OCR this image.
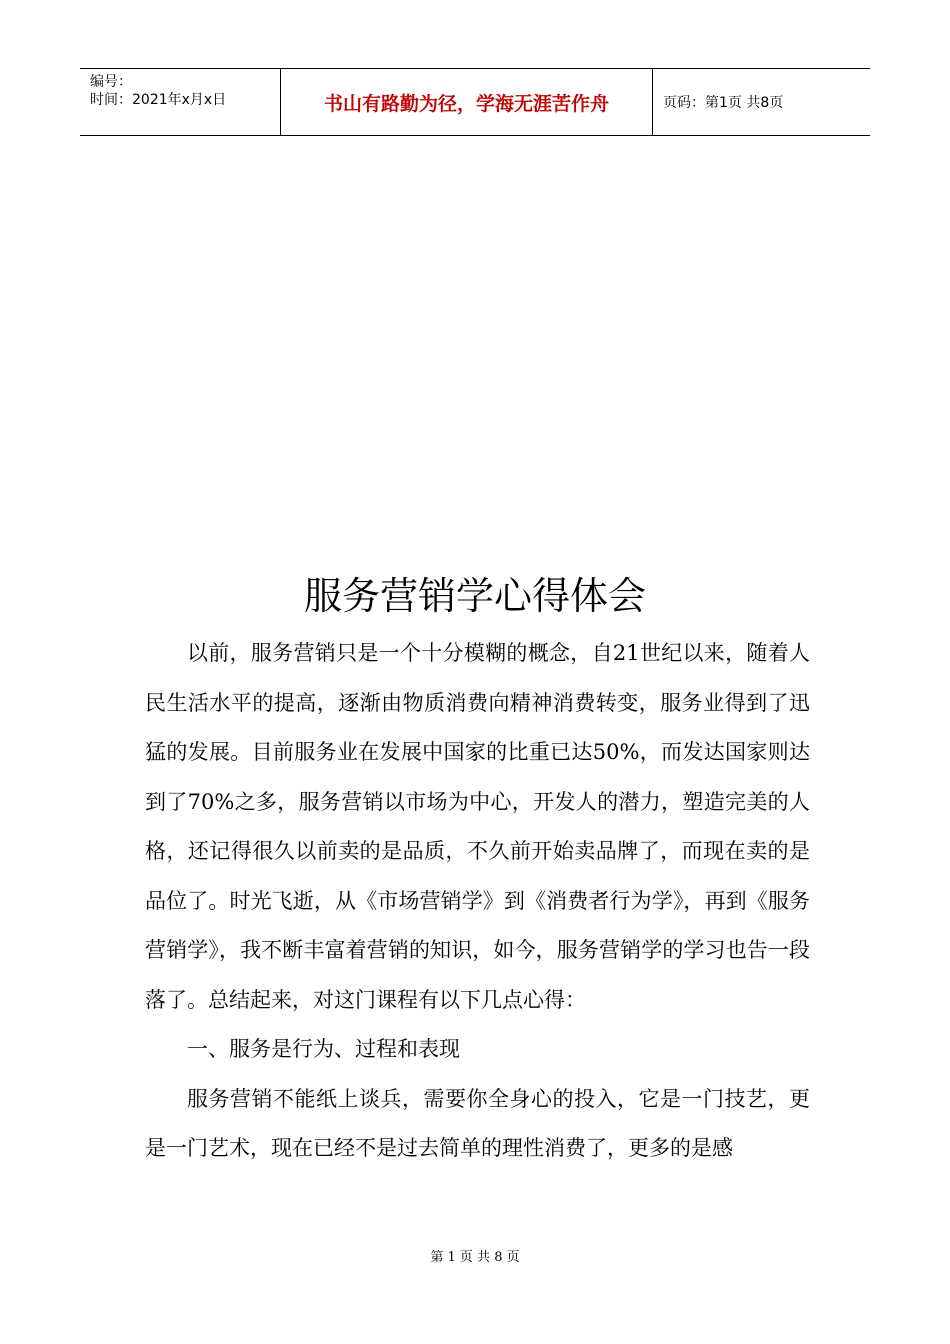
编号：
时间：2021年x月x日	书山有路勤为径，学海无涯苦作舟	页码：第1页 共8页
服务营销学心得体会

以前，服务营销只是一个十分模糊的概念，自21世纪以来，随着人民生活水平的提高，逐渐由物质消费向精神消费转变，服务业得到了迅猛的发展。目前服务业在发展中国家的比重已达50%，而发达国家则达到了70%之多，服务营销以市场为中心，开发人的潜力，塑造完美的人格，还记得很久以前卖的是品质，不久前开始卖品牌了，而现在卖的是品位了。时光飞逝，从《市场营销学》到《消费者行为学》，再到《服务营销学》，我不断丰富着营销的知识，如今，服务营销学的学习也告一段落了。总结起来，对这门课程有以下几点心得：

一、服务是行为、过程和表现

服务营销不能纸上谈兵，需要你全身心的投入，它是一门技艺，更是一门艺术，现在已经不是过去简单的理性消费了，更多的是感

第 1 页 共 8 页
